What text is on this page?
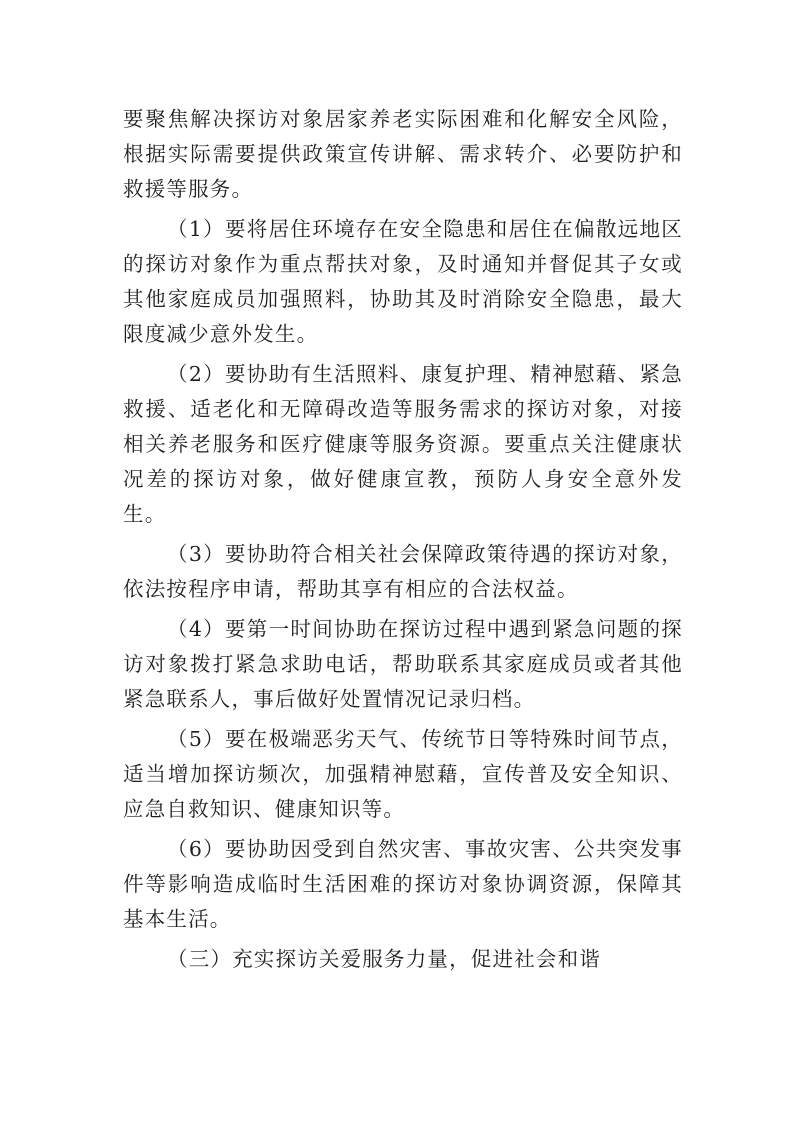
要聚焦解决探访对象居家养老实际困难和化解安全风险，根据实际需要提供政策宣传讲解、需求转介、必要防护和救援等服务。

（1）要将居住环境存在安全隐患和居住在偏散远地区的探访对象作为重点帮扶对象，及时通知并督促其子女或其他家庭成员加强照料，协助其及时消除安全隐患，最大限度减少意外发生。

（2）要协助有生活照料、康复护理、精神慰藉、紧急救援、适老化和无障碍改造等服务需求的探访对象，对接相关养老服务和医疗健康等服务资源。要重点关注健康状况差的探访对象，做好健康宣教，预防人身安全意外发生。

（3）要协助符合相关社会保障政策待遇的探访对象，依法按程序申请，帮助其享有相应的合法权益。

（4）要第一时间协助在探访过程中遇到紧急问题的探访对象拨打紧急求助电话，帮助联系其家庭成员或者其他紧急联系人，事后做好处置情况记录归档。

（5）要在极端恶劣天气、传统节日等特殊时间节点，适当增加探访频次，加强精神慰藉，宣传普及安全知识、应急自救知识、健康知识等。

（6）要协助因受到自然灾害、事故灾害、公共突发事件等影响造成临时生活困难的探访对象协调资源，保障其基本生活。

（三）充实探访关爱服务力量，促进社会和谐
